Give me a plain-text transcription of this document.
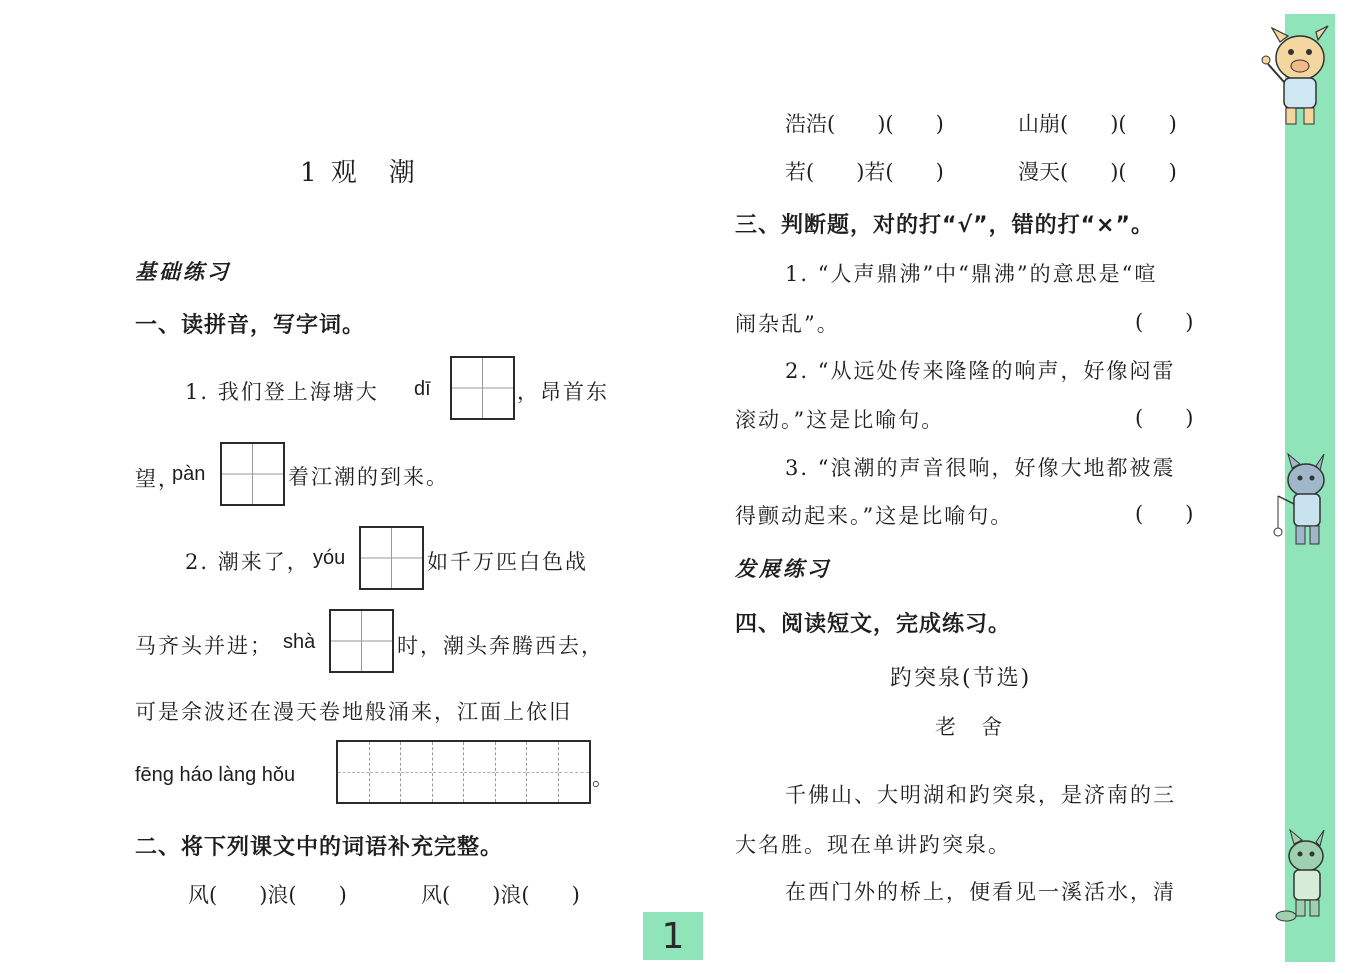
1 观　潮
基础练习
一、读拼音，写字词。
1. 我们登上海塘大 dī	，昂首东
望，
pàn	着江潮的到来。
2. 潮来了， yóu	如千万匹白色战
马齐头并进； shà	时，潮头奔腾西去，
可是余波还在漫天卷地般涌来，江面上依旧
fēng háo làng hǒu	。
二、将下列课文中的词语补充完整。
风(　　)浪(　　)	风(　　)浪(　　)
浩浩(　　)(　　)	山崩(　　)(　　)
若(　　)若(　　)	漫天(　　)(　　)
三、判断题，对的打“√”，错的打“×”。
1. “人声鼎沸”中“鼎沸”的意思是“喧
闹杂乱”。	(　　)
2. “从远处传来隆隆的响声，好像闷雷
滚动。”这是比喻句。	(　　)
3. “浪潮的声音很响，好像大地都被震
得颤动起来。”这是比喻句。	(　　)
发展练习
四、阅读短文，完成练习。
趵突泉(节选)
老　舍
千佛山、大明湖和趵突泉，是济南的三
大名胜。现在单讲趵突泉。
在西门外的桥上，便看见一溪活水，清
1
